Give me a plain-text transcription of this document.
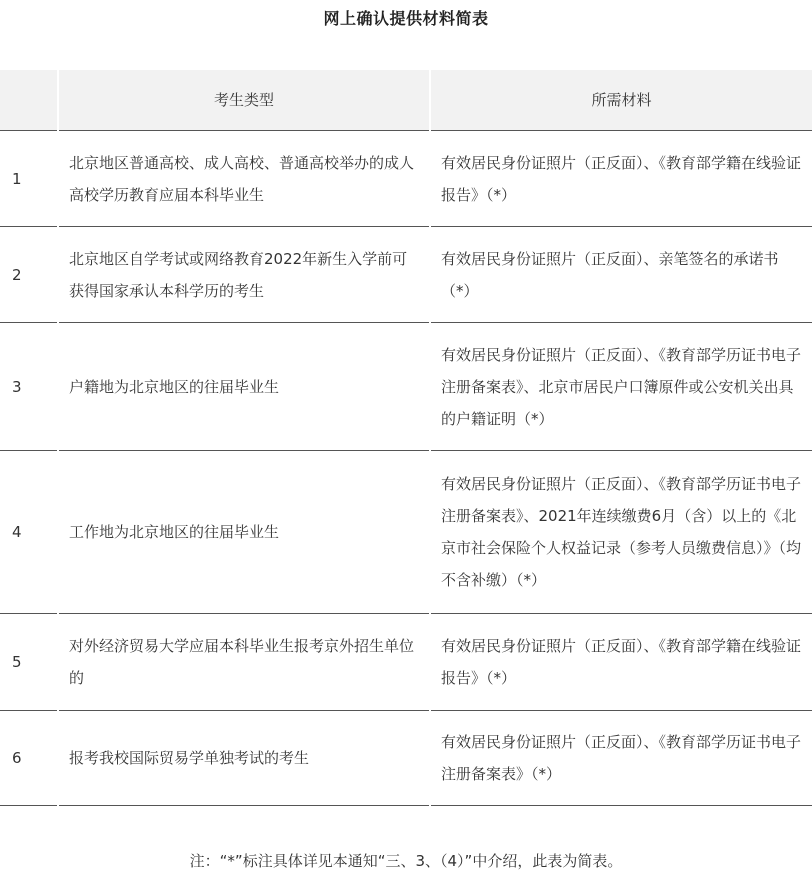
网上确认提供材料简表
	考生类型	所需材料
1	北京地区普通高校、成人高校、普通高校举办的成人高校学历教育应届本科毕业生	有效居民身份证照片（正反面）、《教育部学籍在线验证报告》（*）
2	北京地区自学考试或网络教育2022年新生入学前可获得国家承认本科学历的考生	有效居民身份证照片（正反面）、亲笔签名的承诺书（*）
3	户籍地为北京地区的往届毕业生	有效居民身份证照片（正反面）、《教育部学历证书电子注册备案表》、北京市居民户口簿原件或公安机关出具的户籍证明（*）
4	工作地为北京地区的往届毕业生	有效居民身份证照片（正反面）、《教育部学历证书电子注册备案表》、2021年连续缴费6月（含）以上的《北京市社会保险个人权益记录（参考人员缴费信息）》（均不含补缴）（*）
5	对外经济贸易大学应届本科毕业生报考京外招生单位的	有效居民身份证照片（正反面）、《教育部学籍在线验证报告》（*）
6	报考我校国际贸易学单独考试的考生	有效居民身份证照片（正反面）、《教育部学历证书电子注册备案表》（*）
注：“*”标注具体详见本通知“三、3、（4）”中介绍，此表为简表。
